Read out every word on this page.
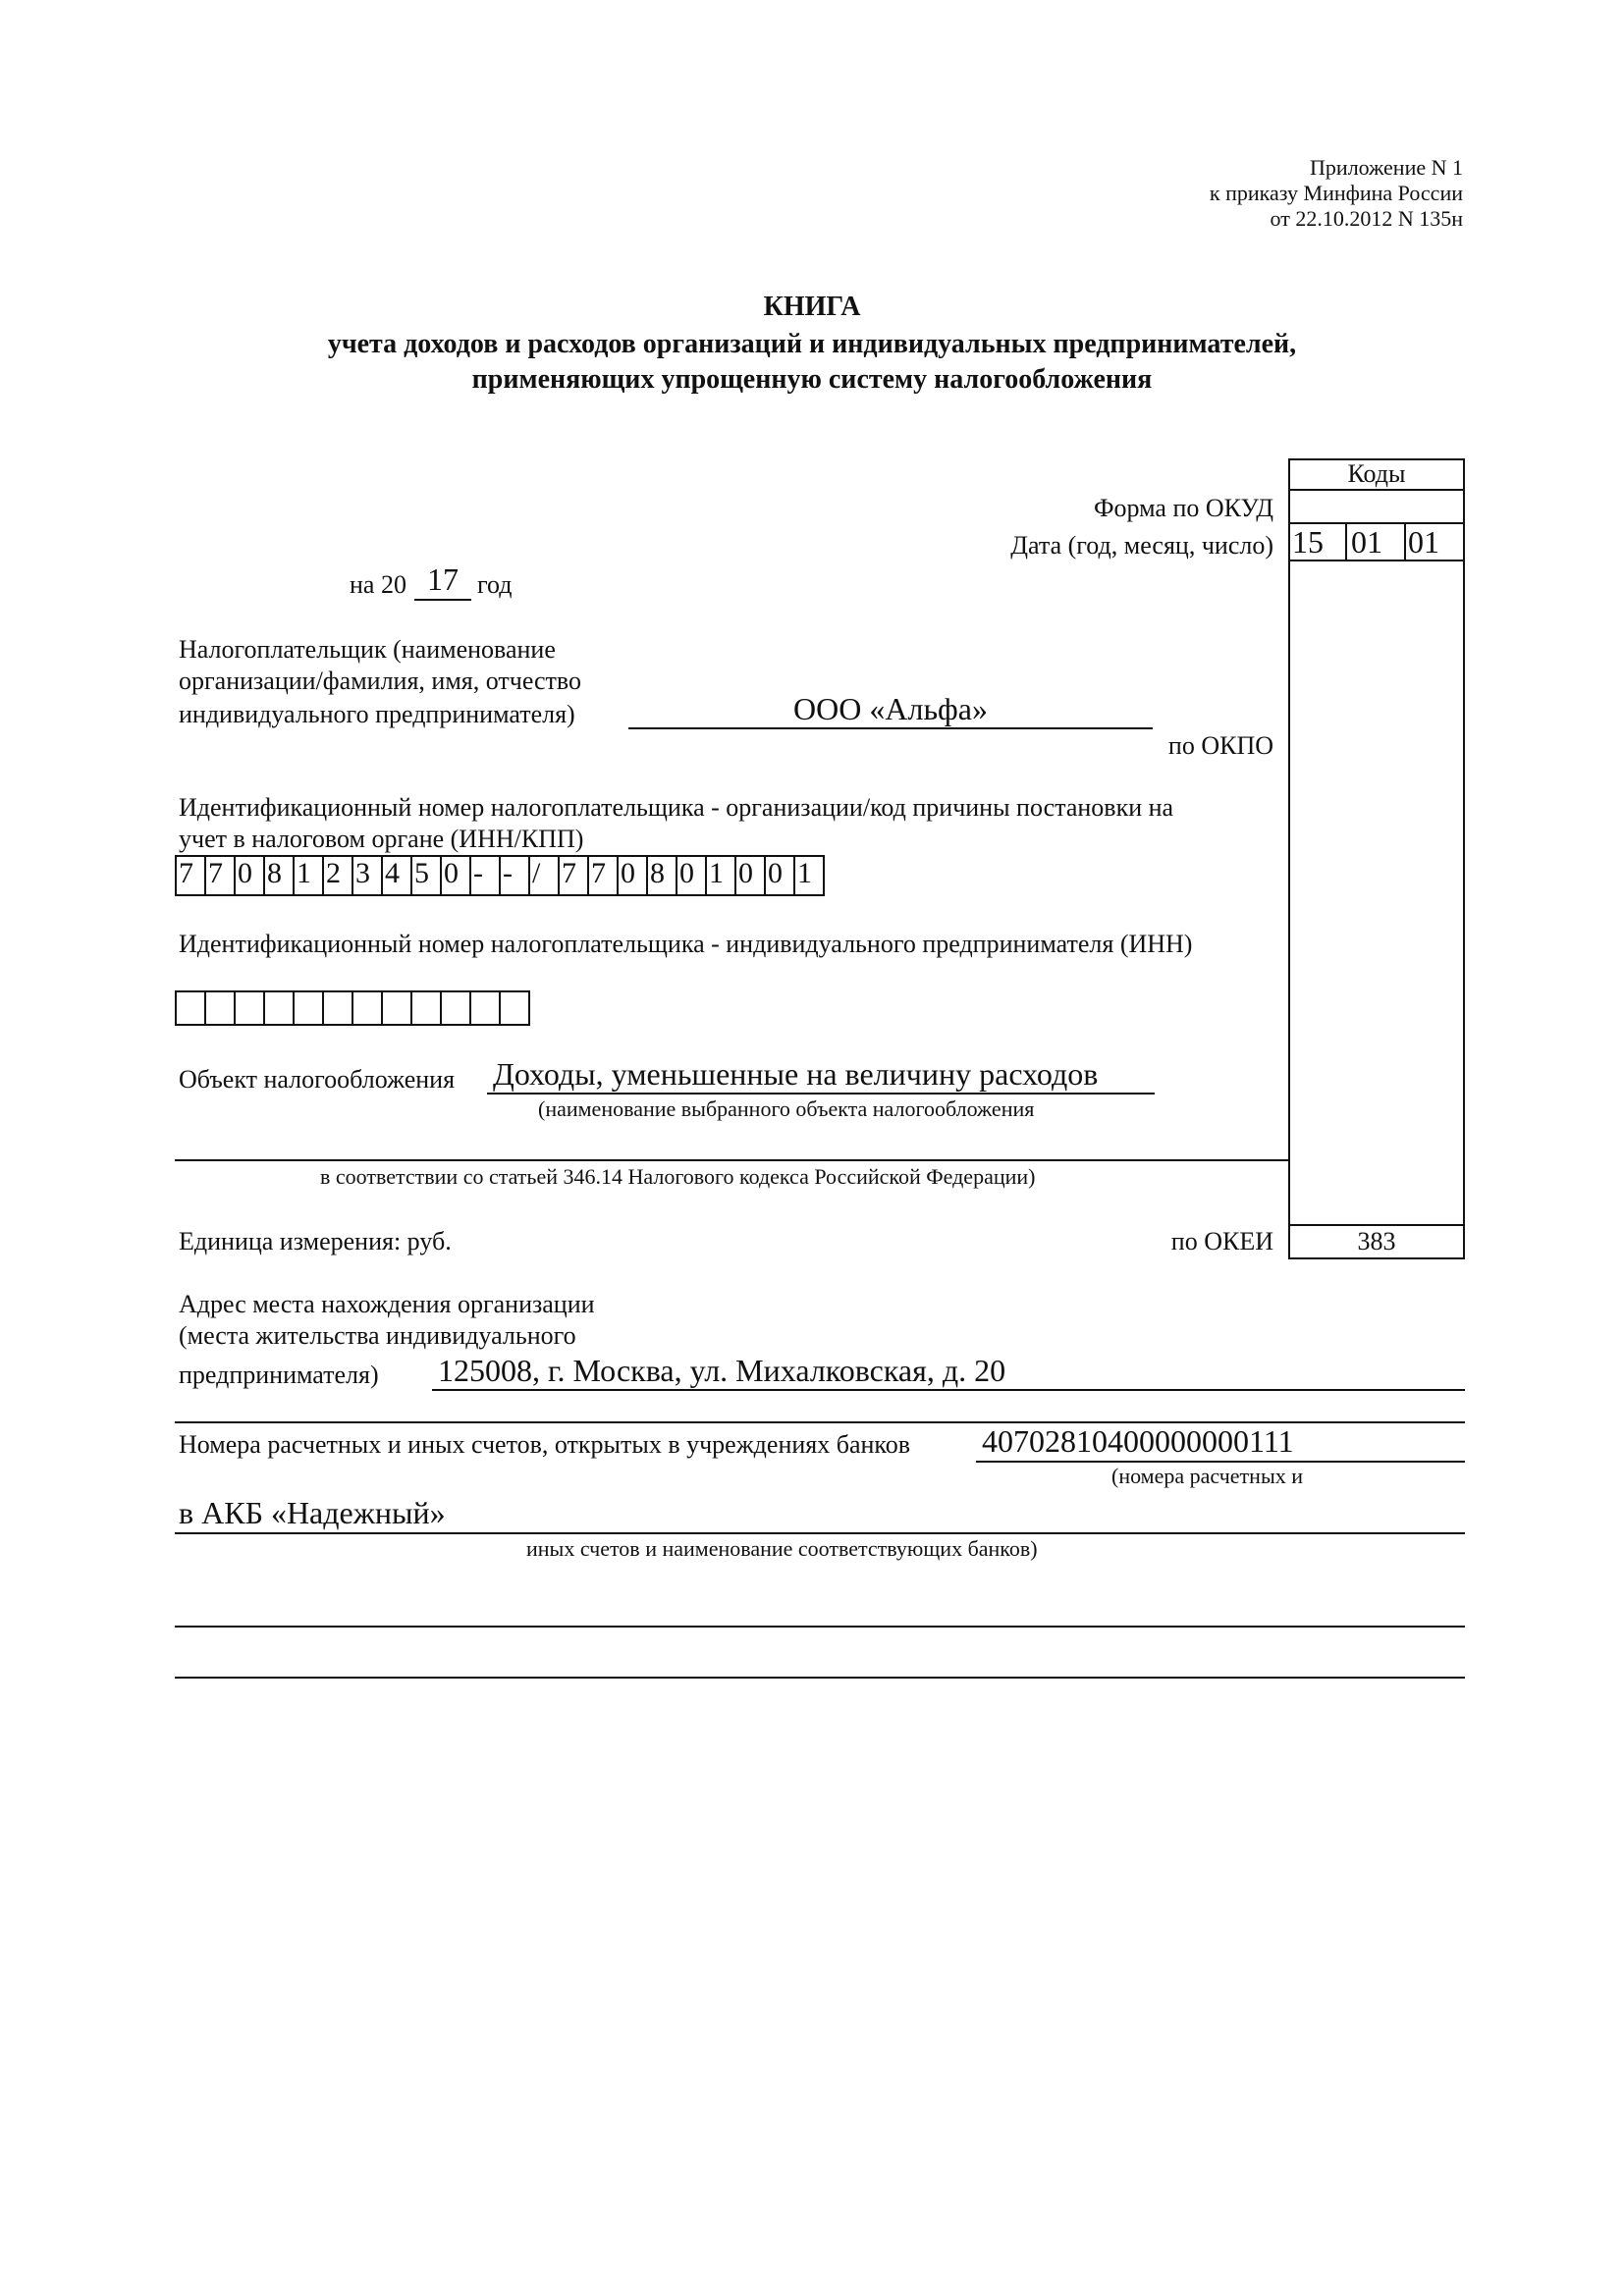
Приложение N 1
к приказу Минфина России
от 22.10.2012 N 135н
КНИГА
учета доходов и расходов организаций и индивидуальных предпринимателей,
применяющих упрощенную систему налогообложения
Коды
15 01 01
383
Форма по ОКУД
Дата (год, месяц, число)
по ОКПО
по ОКЕИ
на 20 17 год
Налогоплательщик (наименование
организации/фамилия, имя, отчество
индивидуального предпринимателя)	ООО «Альфа»
Идентификационный номер налогоплательщика - организации/код причины постановки на
учет в налоговом органе (ИНН/КПП)
7 7 0 8 1 2 3 4 5 0 - - / 7 7 0 8 0 1 0 0 1
Идентификационный номер налогоплательщика - индивидуального предпринимателя (ИНН)
Объект налогообложения Доходы, уменьшенные на величину расходов
(наименование выбранного объекта налогообложения
в соответствии со статьей 346.14 Налогового кодекса Российской Федерации)
Единица измерения: руб.
Адрес места нахождения организации
(места жительства индивидуального
предпринимателя) 125008, г. Москва, ул. Михалковская, д. 20
Номера расчетных и иных счетов, открытых в учреждениях банков 40702810400000000111
(номера расчетных и
в АКБ «Надежный»
иных счетов и наименование соответствующих банков)
